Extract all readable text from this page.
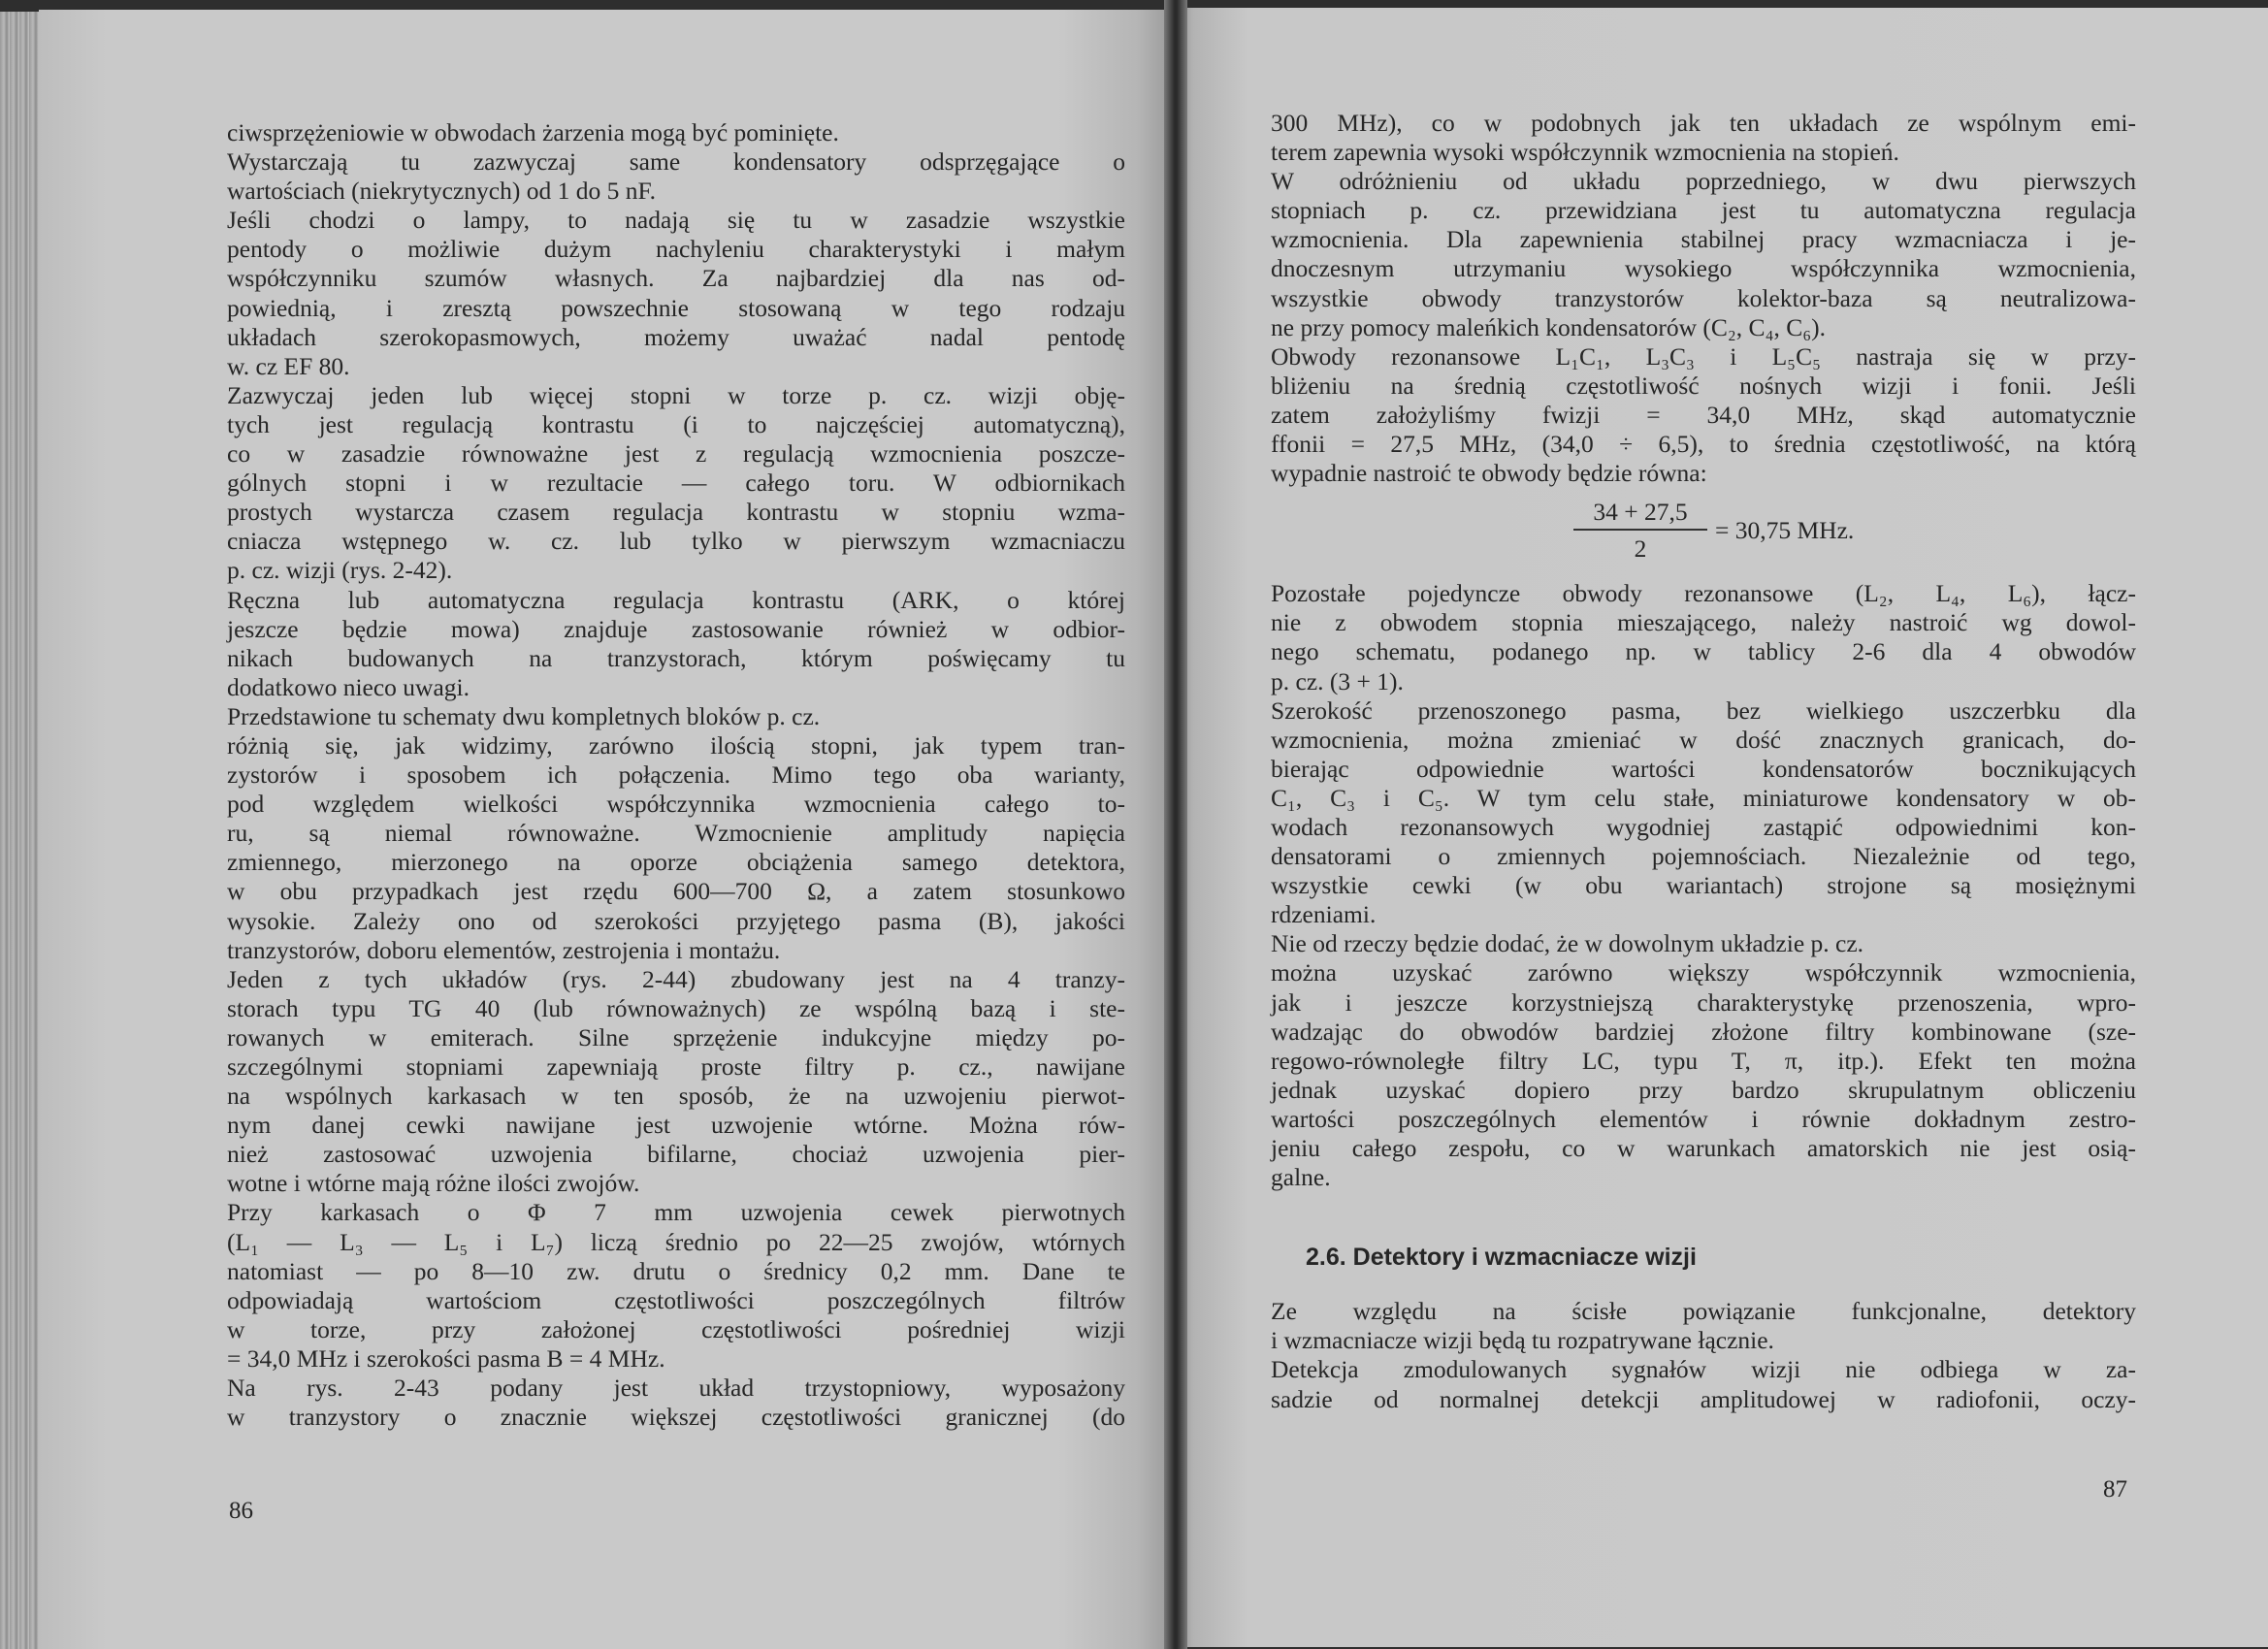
ciwsprzężeniowie w obwodach żarzenia mogą być pominięte.
Wystarczają tu zazwyczaj same kondensatory odsprzęgające o
wartościach (niekrytycznych) od 1 do 5 nF.
Jeśli chodzi o lampy, to nadają się tu w zasadzie wszystkie
pentody o możliwie dużym nachyleniu charakterystyki i małym
współczynniku szumów własnych. Za najbardziej dla nas od-
powiednią, i zresztą powszechnie stosowaną w tego rodzaju
układach szerokopasmowych, możemy uważać nadal pentodę
w. cz EF 80.
Zazwyczaj jeden lub więcej stopni w torze p. cz. wizji obję-
tych jest regulacją kontrastu (i to najczęściej automatyczną),
co w zasadzie równoważne jest z regulacją wzmocnienia poszcze-
gólnych stopni i w rezultacie — całego toru. W odbiornikach
prostych wystarcza czasem regulacja kontrastu w stopniu wzma-
cniacza wstępnego w. cz. lub tylko w pierwszym wzmacniaczu
p. cz. wizji (rys. 2-42).
Ręczna lub automatyczna regulacja kontrastu (ARK, o której
jeszcze będzie mowa) znajduje zastosowanie również w odbior-
nikach budowanych na tranzystorach, którym poświęcamy tu
dodatkowo nieco uwagi.
Przedstawione tu schematy dwu kompletnych bloków p. cz.
różnią się, jak widzimy, zarówno ilością stopni, jak typem tran-
zystorów i sposobem ich połączenia. Mimo tego oba warianty,
pod względem wielkości współczynnika wzmocnienia całego to-
ru, są niemal równoważne. Wzmocnienie amplitudy napięcia
zmiennego, mierzonego na oporze obciążenia samego detektora,
w obu przypadkach jest rzędu 600—700 Ω, a zatem stosunkowo
wysokie. Zależy ono od szerokości przyjętego pasma (B), jakości
tranzystorów, doboru elementów, zestrojenia i montażu.
Jeden z tych układów (rys. 2-44) zbudowany jest na 4 tranzy-
storach typu TG 40 (lub równoważnych) ze wspólną bazą i ste-
rowanych w emiterach. Silne sprzężenie indukcyjne między po-
szczególnymi stopniami zapewniają proste filtry p. cz., nawijane
na wspólnych karkasach w ten sposób, że na uzwojeniu pierwot-
nym danej cewki nawijane jest uzwojenie wtórne. Można rów-
nież zastosować uzwojenia bifilarne, chociaż uzwojenia pier-
wotne i wtórne mają różne ilości zwojów.
Przy karkasach o Φ 7 mm uzwojenia cewek pierwotnych
(L₁ — L₃ — L₅ i L₇) liczą średnio po 22—25 zwojów, wtórnych
natomiast — po 8—10 zw. drutu o średnicy 0,2 mm. Dane te
odpowiadają wartościom częstotliwości poszczególnych filtrów
w torze, przy założonej częstotliwości pośredniej wizji
= 34,0 MHz i szerokości pasma B = 4 MHz.
Na rys. 2-43 podany jest układ trzystopniowy, wyposażony
w tranzystory o znacznie większej częstotliwości granicznej (do
86
300 MHz), co w podobnych jak ten układach ze wspólnym emi-
terem zapewnia wysoki współczynnik wzmocnienia na stopień.
W odróżnieniu od układu poprzedniego, w dwu pierwszych
stopniach p. cz. przewidziana jest tu automatyczna regulacja
wzmocnienia. Dla zapewnienia stabilnej pracy wzmacniacza i je-
dnoczesnym utrzymaniu wysokiego współczynnika wzmocnienia,
wszystkie obwody tranzystorów kolektor-baza są neutralizowa-
ne przy pomocy maleńkich kondensatorów (C₂, C₄, C₆).
Obwody rezonansowe L₁C₁, L₃C₃ i L₅C₅ nastraja się w przy-
bliżeniu na średnią częstotliwość nośnych wizji i fonii. Jeśli
zatem założyliśmy fwizji = 34,0 MHz, skąd automatycznie
ffonii = 27,5 MHz, (34,0 ÷ 6,5), to średnia częstotliwość, na którą
wypadnie nastroić te obwody będzie równa:
$\frac{34 + 27,5}{2} = 30,75$ MHz.
Pozostałe pojedyncze obwody rezonansowe (L₂, L₄, L₆), łącz-
nie z obwodem stopnia mieszającego, należy nastroić wg dowol-
nego schematu, podanego np. w tablicy 2-6 dla 4 obwodów
p. cz. (3 + 1).
Szerokość przenoszonego pasma, bez wielkiego uszczerbku dla
wzmocnienia, można zmieniać w dość znacznych granicach, do-
bierając odpowiednie wartości kondensatorów bocznikujących
C₁, C₃ i C₅. W tym celu stałe, miniaturowe kondensatory w ob-
wodach rezonansowych wygodniej zastąpić odpowiednimi kon-
densatorami o zmiennych pojemnościach. Niezależnie od tego,
wszystkie cewki (w obu wariantach) strojone są mosiężnymi
rdzeniami.
Nie od rzeczy będzie dodać, że w dowolnym układzie p. cz.
można uzyskać zarówno większy współczynnik wzmocnienia,
jak i jeszcze korzystniejszą charakterystykę przenoszenia, wpro-
wadzając do obwodów bardziej złożone filtry kombinowane (sze-
regowo-równoległe filtry LC, typu T, π, itp.). Efekt ten można
jednak uzyskać dopiero przy bardzo skrupulatnym obliczeniu
wartości poszczególnych elementów i równie dokładnym zestro-
jeniu całego zespołu, co w warunkach amatorskich nie jest osią-
galne.
2.6. Detektory i wzmacniacze wizji
Ze względu na ścisłe powiązanie funkcjonalne, detektory
i wzmacniacze wizji będą tu rozpatrywane łącznie.
Detekcja zmodulowanych sygnałów wizji nie odbiega w za-
sadzie od normalnej detekcji amplitudowej w radiofonii, oczy-
87
